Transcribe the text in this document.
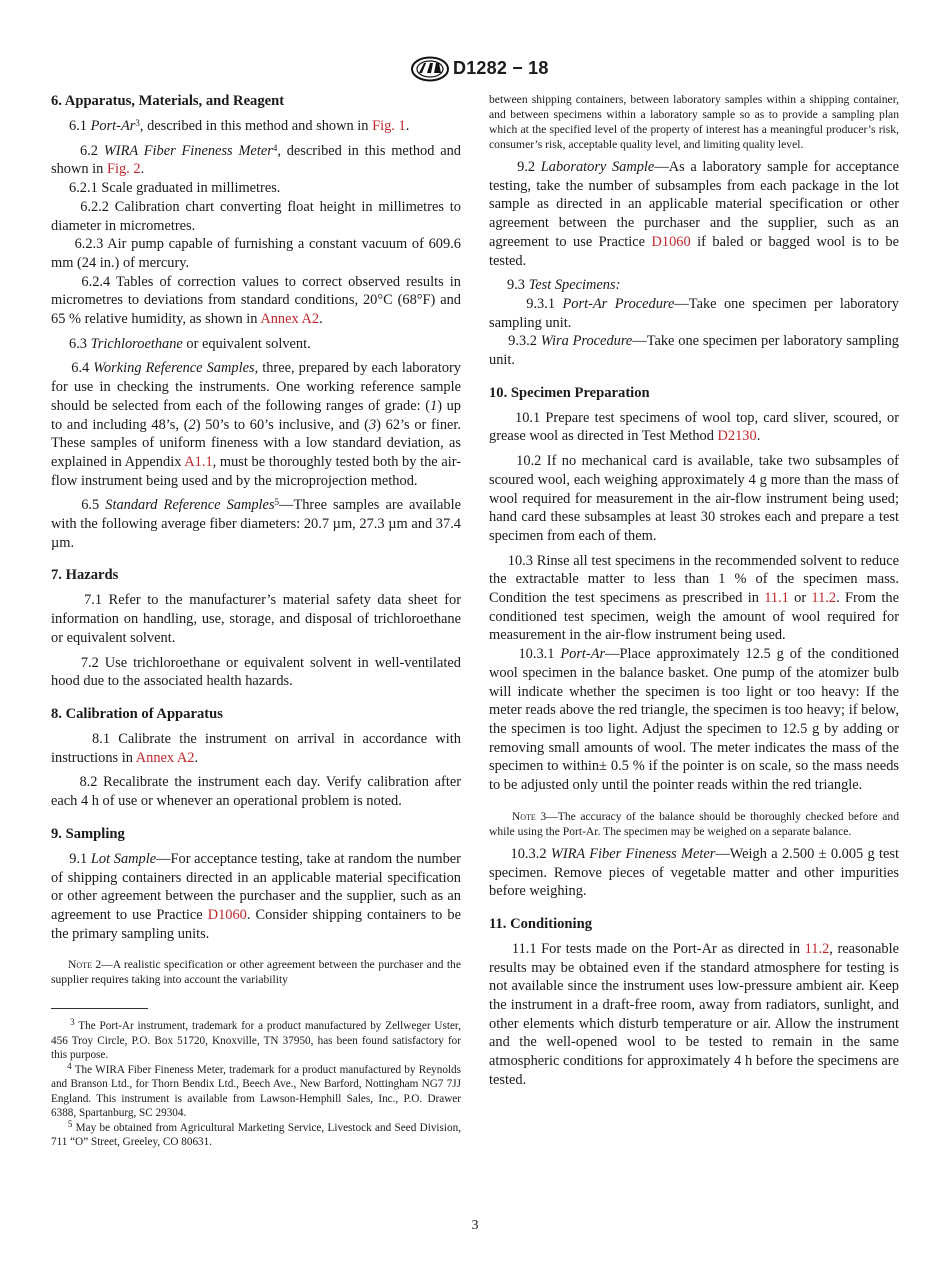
D1282 − 18
6. Apparatus, Materials, and Reagent

6.1 Port-Ar$^3$, described in this method and shown in Fig. 1.

6.2 WIRA Fiber Fineness Meter$^4$, described in this method and shown in Fig. 2.

6.2.1 Scale graduated in millimetres.

6.2.2 Calibration chart converting float height in millimetres to diameter in micrometres.

6.2.3 Air pump capable of furnishing a constant vacuum of 609.6 mm (24 in.) of mercury.

6.2.4 Tables of correction values to correct observed results in micrometres to deviations from standard conditions, 20°C (68°F) and 65 % relative humidity, as shown in Annex A2.

6.3 Trichloroethane or equivalent solvent.

6.4 Working Reference Samples, three, prepared by each laboratory for use in checking the instruments. One working reference sample should be selected from each of the following ranges of grade: (1) up to and including 48’s, (2) 50’s to 60’s inclusive, and (3) 62’s or finer. These samples of uniform fineness with a low standard deviation, as explained in Appendix A1.1, must be thoroughly tested both by the air-flow instrument being used and by the microprojection method.

6.5 Standard Reference Samples$^5$—Three samples are available with the following average fiber diameters: 20.7 µm, 27.3 µm and 37.4 µm.

7. Hazards

7.1 Refer to the manufacturer’s material safety data sheet for information on handling, use, storage, and disposal of trichloroethane or equivalent solvent.

7.2 Use trichloroethane or equivalent solvent in well-ventilated hood due to the associated health hazards.

8. Calibration of Apparatus

8.1 Calibrate the instrument on arrival in accordance with instructions in Annex A2.

8.2 Recalibrate the instrument each day. Verify calibration after each 4 h of use or whenever an operational problem is noted.

9. Sampling

9.1 Lot Sample—For acceptance testing, take at random the number of shipping containers directed in an applicable material specification or other agreement between the purchaser and the supplier, such as an agreement to use Practice D1060. Consider shipping containers to be the primary sampling units.

Note 2—A realistic specification or other agreement between the purchaser and the supplier requires taking into account the variability

$^3$ The Port-Ar instrument, trademark for a product manufactured by Zellweger Uster, 456 Troy Circle, P.O. Box 51720, Knoxville, TN 37950, has been found satisfactory for this purpose.

$^4$ The WIRA Fiber Fineness Meter, trademark for a product manufactured by Reynolds and Branson Ltd., for Thorn Bendix Ltd., Beech Ave., New Barford, Nottingham NG7 7JJ England. This instrument is available from Lawson-Hemphill Sales, Inc., P.O. Drawer 6388, Spartanburg, SC 29304.

$^5$ May be obtained from Agricultural Marketing Service, Livestock and Seed Division, 711 “O” Street, Greeley, CO 80631.

between shipping containers, between laboratory samples within a shipping container, and between specimens within a laboratory sample so as to provide a sampling plan which at the specified level of the property of interest has a meaningful producer’s risk, consumer’s risk, acceptable quality level, and limiting quality level.

9.2 Laboratory Sample—As a laboratory sample for acceptance testing, take the number of subsamples from each package in the lot sample as directed in an applicable material specification or other agreement between the purchaser and the supplier, such as an agreement to use Practice D1060 if baled or bagged wool is to be tested.

9.3 Test Specimens:

9.3.1 Port-Ar Procedure—Take one specimen per laboratory sampling unit.

9.3.2 Wira Procedure—Take one specimen per laboratory sampling unit.

10. Specimen Preparation

10.1 Prepare test specimens of wool top, card sliver, scoured, or grease wool as directed in Test Method D2130.

10.2 If no mechanical card is available, take two subsamples of scoured wool, each weighing approximately 4 g more than the mass of wool required for measurement in the air-flow instrument being used; hand card these subsamples at least 30 strokes each and prepare a test specimen from each of them.

10.3 Rinse all test specimens in the recommended solvent to reduce the extractable matter to less than 1 % of the specimen mass. Condition the test specimens as prescribed in 11.1 or 11.2. From the conditioned test specimen, weigh the amount of wool required for measurement in the air-flow instrument being used.

10.3.1 Port-Ar—Place approximately 12.5 g of the conditioned wool specimen in the balance basket. One pump of the atomizer bulb will indicate whether the specimen is too light or too heavy: If the meter reads above the red triangle, the specimen is too heavy; if below, the specimen is too light. Adjust the specimen to 12.5 g by adding or removing small amounts of wool. The meter indicates the mass of the specimen to within± 0.5 % if the pointer is on scale, so the mass needs to be adjusted only until the pointer reads within the red triangle.

Note 3—The accuracy of the balance should be thoroughly checked before and while using the Port-Ar. The specimen may be weighed on a separate balance.

10.3.2 WIRA Fiber Fineness Meter—Weigh a 2.500 ± 0.005 g test specimen. Remove pieces of vegetable matter and other impurities before weighing.

11. Conditioning

11.1 For tests made on the Port-Ar as directed in 11.2, reasonable results may be obtained even if the standard atmosphere for testing is not available since the instrument uses low-pressure ambient air. Keep the instrument in a draft-free room, away from radiators, sunlight, and other elements which disturb temperature or air. Allow the instrument and the well-opened wool to be tested to remain in the same atmospheric conditions for approximately 4 h before the specimens are tested.

3
